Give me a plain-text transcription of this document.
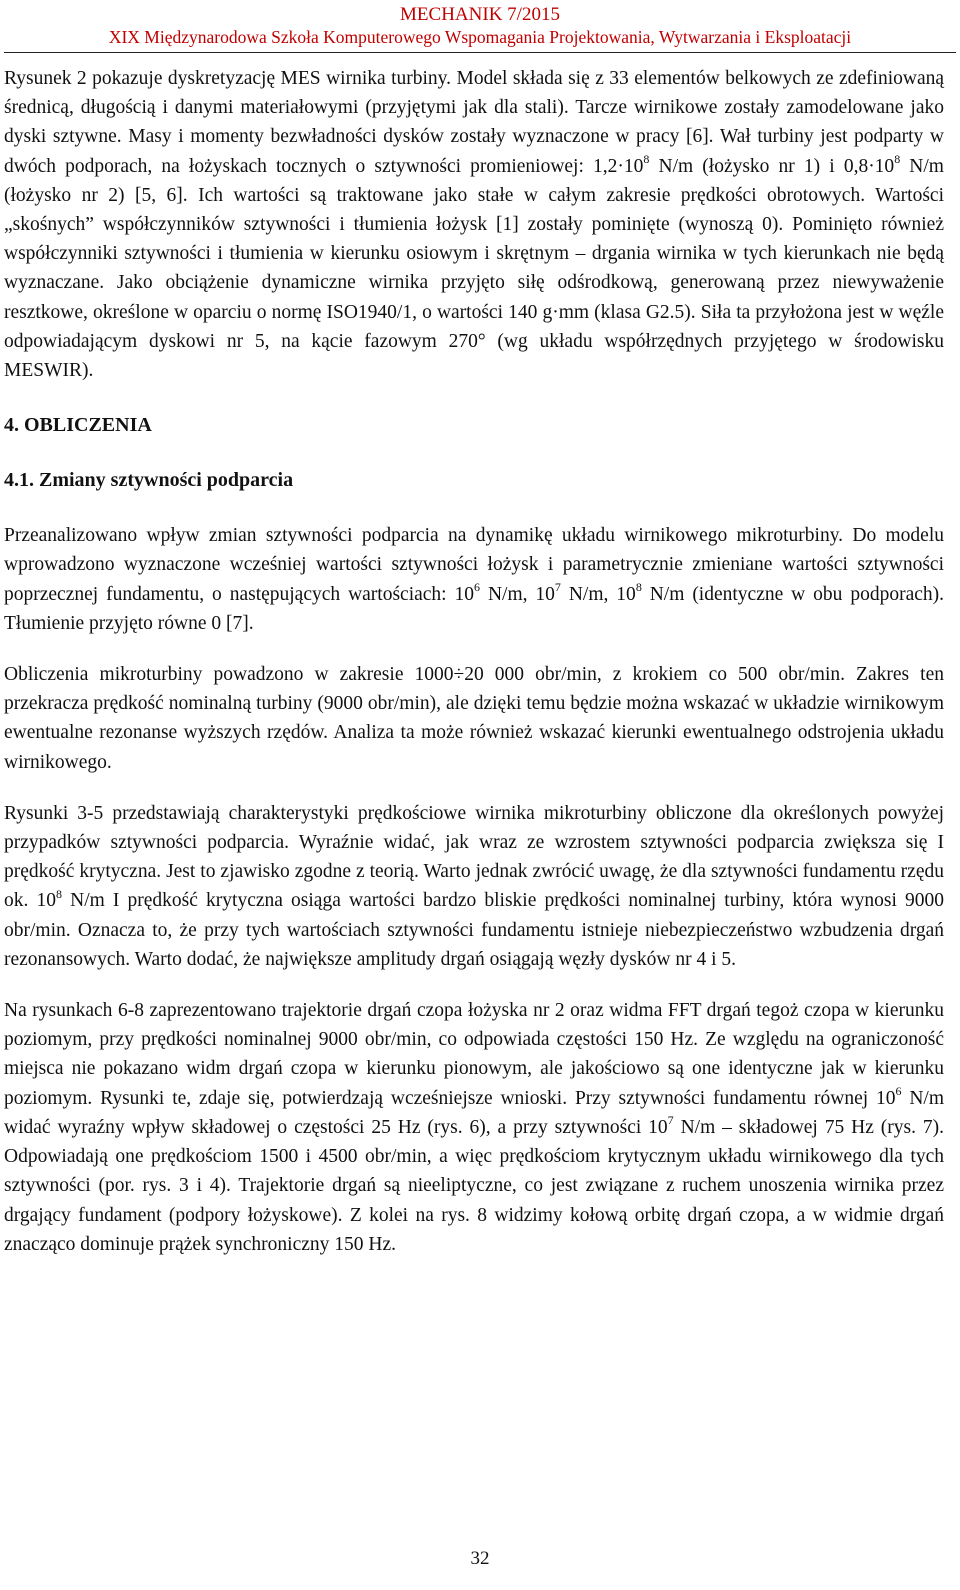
MECHANIK 7/2015
XIX Międzynarodowa Szkoła Komputerowego Wspomagania Projektowania, Wytwarzania i Eksploatacji

Rysunek 2 pokazuje dyskretyzację MES wirnika turbiny. Model składa się z 33 elementów belkowych ze zdefiniowaną średnicą, długością i danymi materiałowymi (przyjętymi jak dla stali). Tarcze wirnikowe zostały zamodelowane jako dyski sztywne. Masy i momenty bezwładności dysków zostały wyznaczone w pracy [6]. Wał turbiny jest podparty w dwóch podporach, na łożyskach tocznych o sztywności promieniowej: $1,2\cdot 10^8$ N/m (łożysko nr 1) i $0,8\cdot 10^8$ N/m (łożysko nr 2) [5, 6]. Ich wartości są traktowane jako stałe w całym zakresie prędkości obrotowych. Wartości „skośnych” współczynników sztywności i tłumienia łożysk [1] zostały pominięte (wynoszą 0). Pominięto również współczynniki sztywności i tłumienia w kierunku osiowym i skrętnym – drgania wirnika w tych kierunkach nie będą wyznaczane. Jako obciążenie dynamiczne wirnika przyjęto siłę odśrodkową, generowaną przez niewyważenie resztkowe, określone w oparciu o normę ISO1940/1, o wartości 140 g·mm (klasa G2.5). Siła ta przyłożona jest w węźle odpowiadającym dyskowi nr 5, na kącie fazowym 270° (wg układu współrzędnych przyjętego w środowisku MESWIR).

4. OBLICZENIA

4.1. Zmiany sztywności podparcia

Przeanalizowano wpływ zmian sztywności podparcia na dynamikę układu wirnikowego mikroturbiny. Do modelu wprowadzono wyznaczone wcześniej wartości sztywności łożysk i parametrycznie zmieniane wartości sztywności poprzecznej fundamentu, o następujących wartościach: $10^6$ N/m, $10^7$ N/m, $10^8$ N/m (identyczne w obu podporach). Tłumienie przyjęto równe 0 [7].

Obliczenia mikroturbiny powadzono w zakresie 1000÷20 000 obr/min, z krokiem co 500 obr/min. Zakres ten przekracza prędkość nominalną turbiny (9000 obr/min), ale dzięki temu będzie można wskazać w układzie wirnikowym ewentualne rezonanse wyższych rzędów. Analiza ta może również wskazać kierunki ewentualnego odstrojenia układu wirnikowego.

Rysunki 3-5 przedstawiają charakterystyki prędkościowe wirnika mikroturbiny obliczone dla określonych powyżej przypadków sztywności podparcia. Wyraźnie widać, jak wraz ze wzrostem sztywności podparcia zwiększa się I prędkość krytyczna. Jest to zjawisko zgodne z teorią. Warto jednak zwrócić uwagę, że dla sztywności fundamentu rzędu ok. $10^8$ N/m I prędkość krytyczna osiąga wartości bardzo bliskie prędkości nominalnej turbiny, która wynosi 9000 obr/min. Oznacza to, że przy tych wartościach sztywności fundamentu istnieje niebezpieczeństwo wzbudzenia drgań rezonansowych. Warto dodać, że największe amplitudy drgań osiągają węzły dysków nr 4 i 5.

Na rysunkach 6-8 zaprezentowano trajektorie drgań czopa łożyska nr 2 oraz widma FFT drgań tegoż czopa w kierunku poziomym, przy prędkości nominalnej 9000 obr/min, co odpowiada częstości 150 Hz. Ze względu na ograniczoność miejsca nie pokazano widm drgań czopa w kierunku pionowym, ale jakościowo są one identyczne jak w kierunku poziomym. Rysunki te, zdaje się, potwierdzają wcześniejsze wnioski. Przy sztywności fundamentu równej $10^6$ N/m widać wyraźny wpływ składowej o częstości 25 Hz (rys. 6), a przy sztywności $10^7$ N/m – składowej 75 Hz (rys. 7). Odpowiadają one prędkościom 1500 i 4500 obr/min, a więc prędkościom krytycznym układu wirnikowego dla tych sztywności (por. rys. 3 i 4). Trajektorie drgań są nieeliptyczne, co jest związane z ruchem unoszenia wirnika przez drgający fundament (podpory łożyskowe). Z kolei na rys. 8 widzimy kołową orbitę drgań czopa, a w widmie drgań znacząco dominuje prążek synchroniczny 150 Hz.

32
